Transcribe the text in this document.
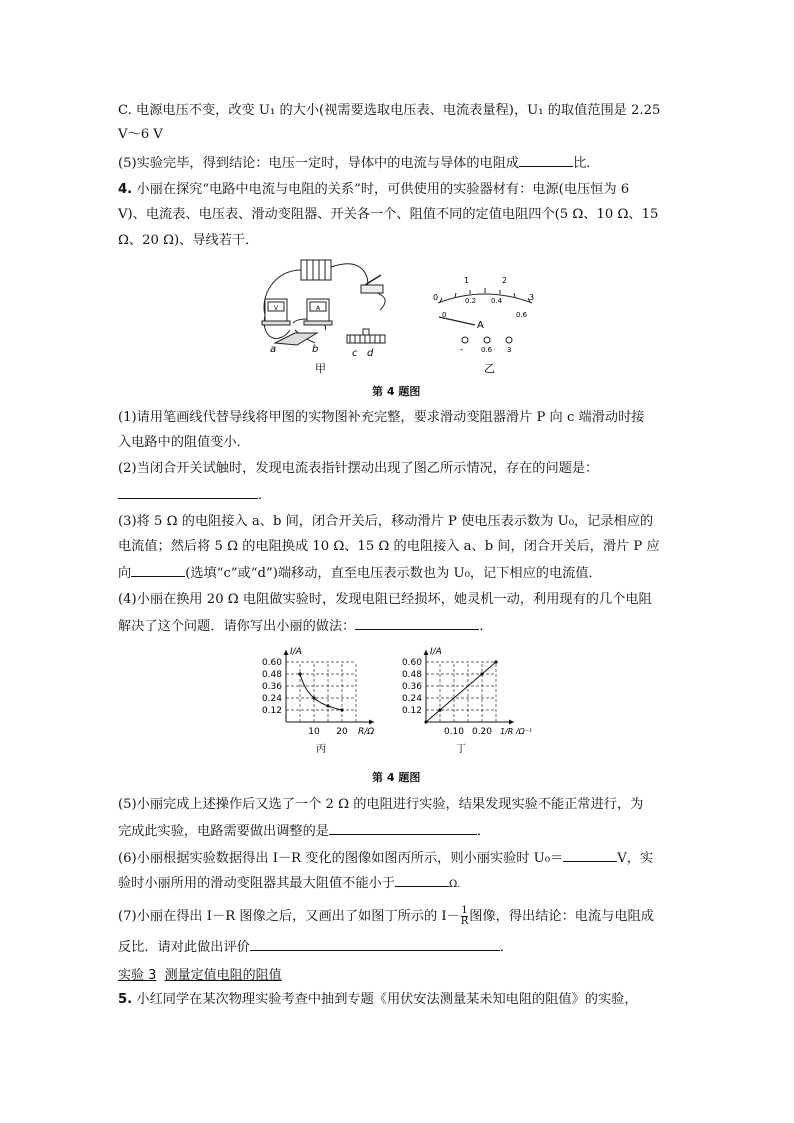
C. 电源电压不变，改变 U₁ 的大小(视需要选取电压表、电流表量程)，U₁ 的取值范围是 2.25
V～6 V
(5)实验完毕，得到结论：电压一定时，导体中的电流与导体的电阻成	比．
4. 小丽在探究“电路中电流与电阻的关系”时，可供使用的实验器材有：电源(电压恒为 6
V)、电流表、电压表、滑动变阻器、开关各一个、阻值不同的定值电阻四个(5 Ω、10 Ω、15
Ω、20 Ω)、导线若干．
V	A
a	b	c d
甲
0
1	2
3
0
0.2 0.4
0.6
A
-	0.6 3
乙
第 4 题图
(1)请用笔画线代替导线将甲图的实物图补充完整，要求滑动变阻器滑片 P 向 c 端滑动时接
入电路中的阻值变小．
(2)当闭合开关试触时，发现电流表指针摆动出现了图乙所示情况，存在的问题是：
．
(3)将 5 Ω 的电阻接入 a、b 间，闭合开关后，移动滑片 P 使电压表示数为 U₀，记录相应的
电流值；然后将 5 Ω 的电阻换成 10 Ω、15 Ω 的电阻接入 a、b 间，闭合开关后，滑片 P 应
向	(选填“c”或“d”)端移动，直至电压表示数也为 U₀，记下相应的电流值．
(4)小丽在换用 20 Ω 电阻做实验时，发现电阻已经损坏，她灵机一动，利用现有的几个电阻
解决了这个问题．请你写出小丽的做法：	．
0.60
0.48
0.36
0.24
0.12
10 20
I/A
R/Ω
丙
0.60
0.48
0.36
0.24
0.12
0.10 0.20
I/A
1/R /Ω⁻¹
丁
第 4 题图
(5)小丽完成上述操作后又选了一个 2 Ω 的电阻进行实验，结果发现实验不能正常进行，为
完成此实验，电路需要做出调整的是	．
(6)小丽根据实验数据得出 I－R 变化的图像如图丙所示，则小丽实验时 U₀＝	V，实
验时小丽所用的滑动变阻器其最大阻值不能小于	Ω.
(7)小丽在得出 I－R 图像之后，又画出了如图丁所示的 $I- \frac{1}{R}$ 图像，得出结论：电流与电阻成
反比．请对此做出评价	．
实验 3 测量定值电阻的阻值
5. 小红同学在某次物理实验考查中抽到专题《用伏安法测量某未知电阻的阻值》的实验，
